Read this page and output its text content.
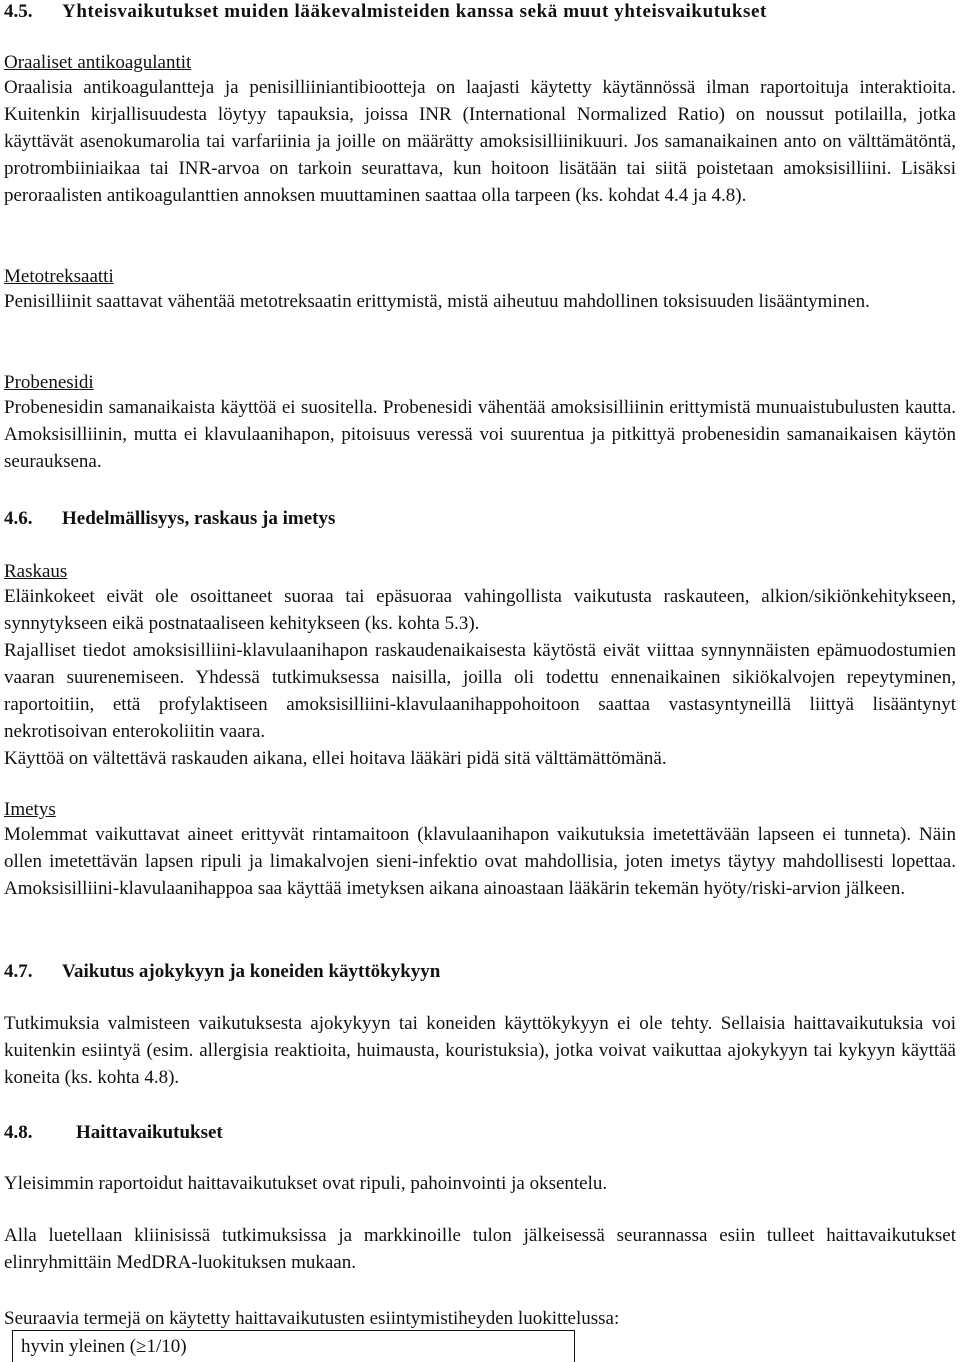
4.5. Yhteisvaikutukset muiden lääkevalmisteiden kanssa sekä muut yhteisvaikutukset
Oraaliset antikoagulantit
Oraalisia antikoagulantteja ja penisilliiniantibiootteja on laajasti käytetty käytännössä ilman raportoituja interaktioita. Kuitenkin kirjallisuudesta löytyy tapauksia, joissa INR (International Normalized Ratio) on noussut potilailla, jotka käyttävät asenokumarolia tai varfariinia ja joille on määrätty amoksisilliinikuuri. Jos samanaikainen anto on välttämätöntä, protrombiiniaikaa tai INR-arvoa on tarkoin seurattava, kun hoitoon lisätään tai siitä poistetaan amoksisilliini. Lisäksi peroraalisten antikoagulanttien annoksen muuttaminen saattaa olla tarpeen (ks. kohdat 4.4 ja 4.8).
Metotreksaatti
Penisilliinit saattavat vähentää metotreksaatin erittymistä, mistä aiheutuu mahdollinen toksisuuden lisääntyminen.
Probenesidi
Probenesidin samanaikaista käyttöä ei suositella. Probenesidi vähentää amoksisilliinin erittymistä munuaistubulusten kautta. Amoksisilliinin, mutta ei klavulaanihapon, pitoisuus veressä voi suurentua ja pitkittyä probenesidin samanaikaisen käytön seurauksena.
4.6. Hedelmällisyys, raskaus ja imetys
Raskaus

Eläinkokeet eivät ole osoittaneet suoraa tai epäsuoraa vahingollista vaikutusta raskauteen, alkion/sikiönkehitykseen, synnytykseen eikä postnataaliseen kehitykseen (ks. kohta 5.3).

Rajalliset tiedot amoksisilliini-klavulaanihapon raskaudenaikaisesta käytöstä eivät viittaa synnynnäisten epämuodostumien vaaran suurenemiseen. Yhdessä tutkimuksessa naisilla, joilla oli todettu ennenaikainen sikiökalvojen repeytyminen, raportoitiin, että profylaktiseen amoksisilliini-klavulaanihappohoitoon saattaa vastasyntyneillä liittyä lisääntynyt nekrotisoivan enterokoliitin vaara.

Käyttöä on vältettävä raskauden aikana, ellei hoitava lääkäri pidä sitä välttämättömänä.

Imetys
Molemmat vaikuttavat aineet erittyvät rintamaitoon (klavulaanihapon vaikutuksia imetettävään lapseen ei tunneta). Näin ollen imetettävän lapsen ripuli ja limakalvojen sieni-infektio ovat mahdollisia, joten imetys täytyy mahdollisesti lopettaa. Amoksisilliini-klavulaanihappoa saa käyttää imetyksen aikana ainoastaan lääkärin tekemän hyöty/riski-arvion jälkeen.
4.7. Vaikutus ajokykyyn ja koneiden käyttökykyyn
Tutkimuksia valmisteen vaikutuksesta ajokykyyn tai koneiden käyttökykyyn ei ole tehty. Sellaisia haittavaikutuksia voi kuitenkin esiintyä (esim. allergisia reaktioita, huimausta, kouristuksia), jotka voivat vaikuttaa ajokykyyn tai kykyyn käyttää koneita (ks. kohta 4.8).
4.8. Haittavaikutukset
Yleisimmin raportoidut haittavaikutukset ovat ripuli, pahoinvointi ja oksentelu.
Alla luetellaan kliinisissä tutkimuksissa ja markkinoille tulon jälkeisessä seurannassa esiin tulleet haittavaikutukset elinryhmittäin MedDRA-luokituksen mukaan.
Seuraavia termejä on käytetty haittavaikutusten esiintymistiheyden luokittelussa:
hyvin yleinen (≥1/10)
